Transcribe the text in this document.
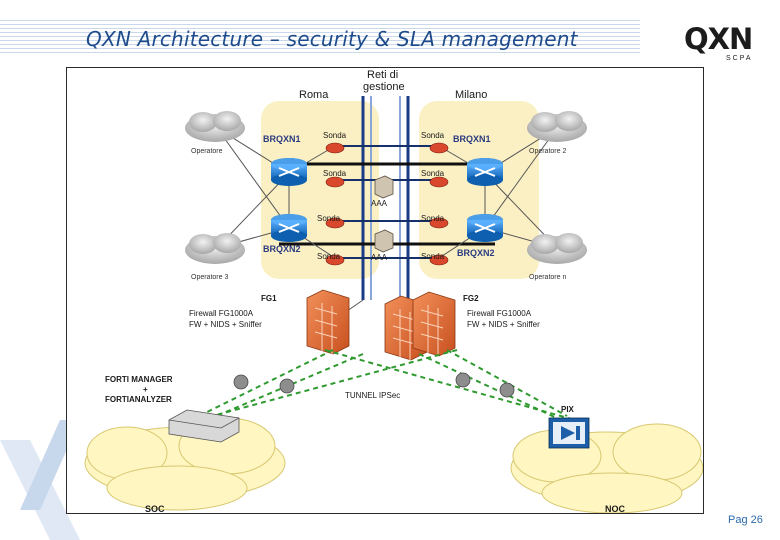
QXN Architecture – security & SLA management	QXN
SCPA
Roma	Milano
Reti di
gestione
BRQXN1
BRQXN2
BRQXN1
BRQXN2
Sonda
Sonda
Sonda
Sonda
Sonda
Sonda
Sonda
Sonda
AAA
AAA
Operatore	Operatore 2
Operatore 3	Operatore n
FG1
Firewall FG1000A
FW + NIDS + Sniffer
FG2
Firewall FG1000A
FW + NIDS + Sniffer
FORTI MANAGER
+
FORTIANALYZER	TUNNEL IPSec
PIX
SOC	NOC
Pag 26
